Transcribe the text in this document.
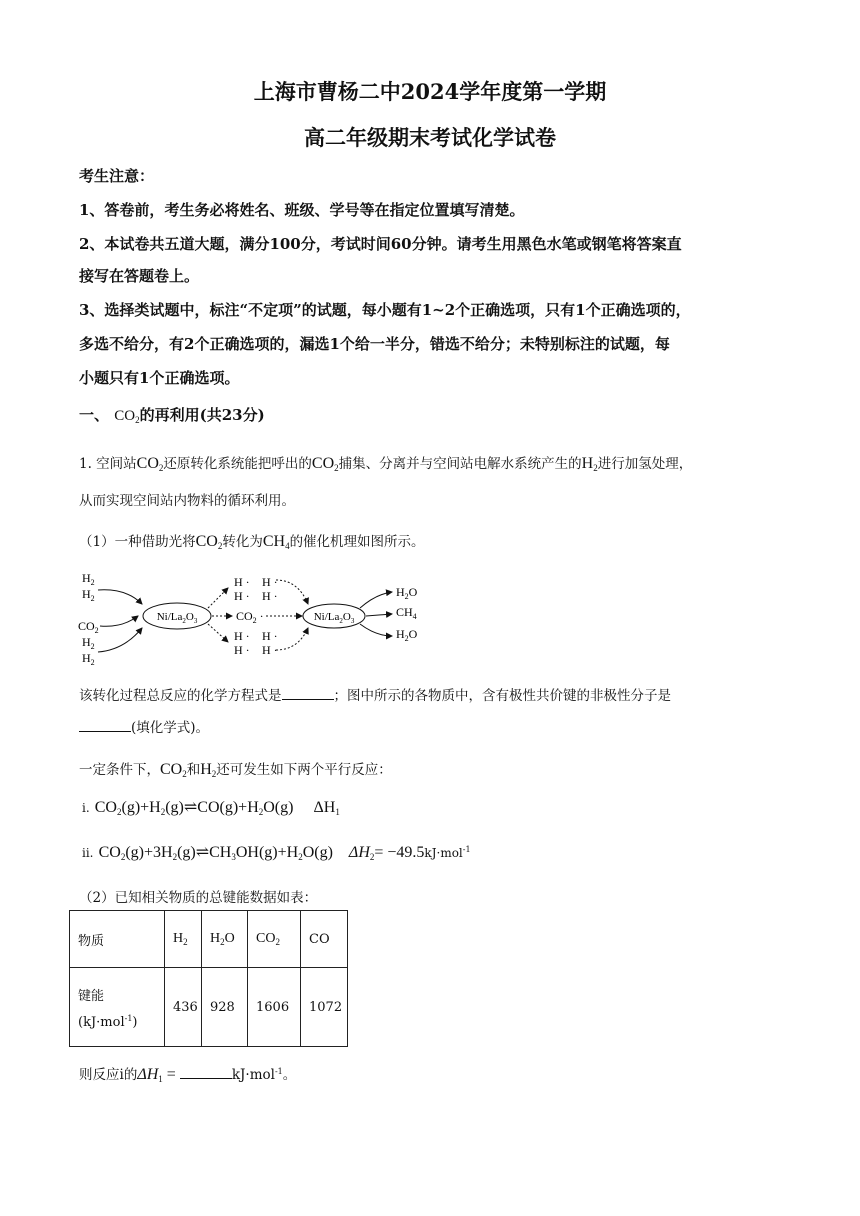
上海市曹杨二中2024学年度第一学期
高二年级期末考试化学试卷
考生注意：
1、答卷前，考生务必将姓名、班级、学号等在指定位置填写清楚。
2、本试卷共五道大题，满分100分，考试时间60分钟。请考生用黑色水笔或钢笔将答案直
接写在答题卷上。
3、选择类试题中，标注“不定项”的试题，每小题有1~2个正确选项，只有1个正确选项的，
多选不给分，有2个正确选项的，漏选1个给一半分，错选不给分；未特别标注的试题，每
小题只有1个正确选项。
一、 $CO_2$的再利用(共23分)
1. 空间站$CO_2$还原转化系统能把呼出的$CO_2$捕集、分离并与空间站电解水系统产生的$H_2$进行加氢处理，
从而实现空间站内物料的循环利用。
（1）一种借助光将$CO_2$转化为$CH_4$的催化机理如图所示。
$H_2$
$H_2$
$CO_2$
$H_2$
$H_2$
$Ni/La_2O_3$
H · H ·
H · H ·
$CO_2$ ·
H · H ·
H · H ·
$Ni/La_2O_3$
$H_2O$
$CH_4$
$H_2O$
该转化过程总反应的化学方程式是	；图中所示的各物质中，含有极性共价键的非极性分子是
(填化学式)。
一定条件下，$CO_2$和$H_2$还可发生如下两个平行反应：
ⅰ. $CO_2(g)+H_2(g)\rightleftharpoons CO(g)+H_2O(g)$     $\Delta H_1$
ⅱ. $CO_2(g)+3H_2(g)\rightleftharpoons CH_3OH(g)+H_2O(g)$    $\Delta H_2= -49.5kJ\cdot mol^{-1}$
（2）已知相关物质的总键能数据如表：
物质	$H_2$	$H_2O$	$CO_2$	CO

键能
(kJ·mol$^{-1}$)	436	928	1606	1072
则反应ⅰ的$\Delta H_1$ =	kJ·mol$^{-1}$。
